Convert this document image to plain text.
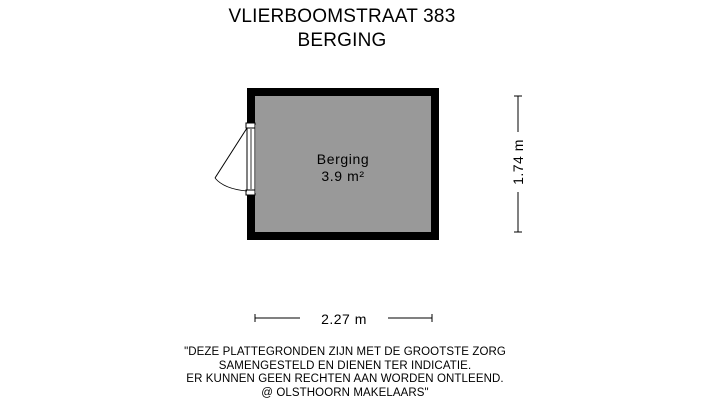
VLIERBOOMSTRAAT 383
BERGING
Berging
3.9 m²
2.27 m
1.74 m
"DEZE PLATTEGRONDEN ZIJN MET DE GROOTSTE ZORG
SAMENGESTELD EN DIENEN TER INDICATIE.
ER KUNNEN GEEN RECHTEN AAN WORDEN ONTLEEND.
@ OLSTHOORN MAKELAARS"
